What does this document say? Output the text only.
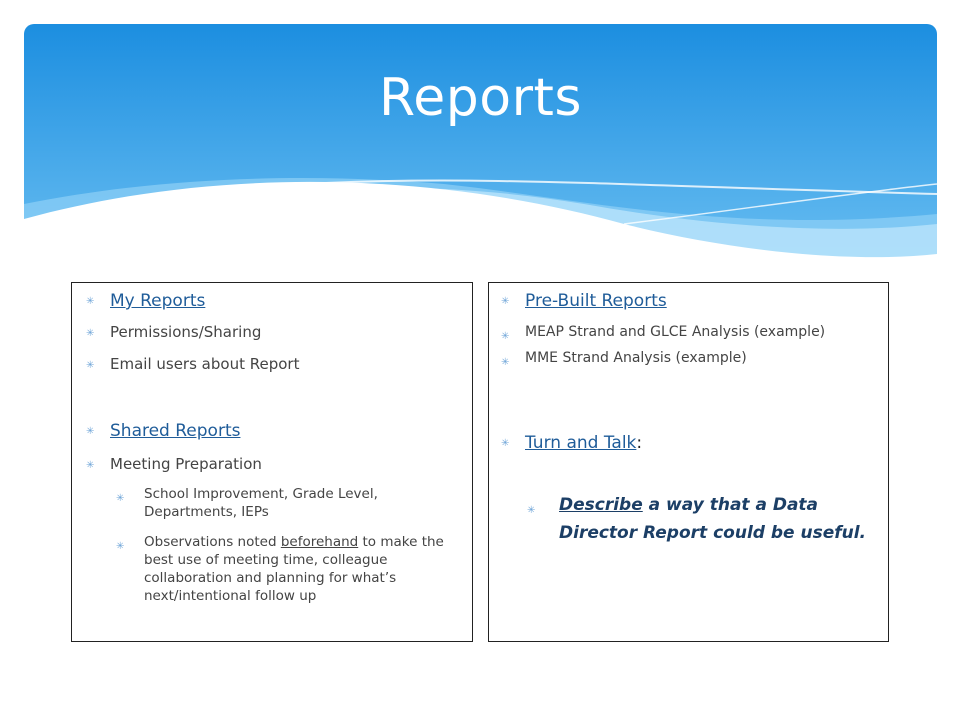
Reports
✳ My Reports
✳ Permissions/Sharing
✳ Email users about Report
✳ Shared Reports
✳ Meeting Preparation
✳ School Improvement, Grade Level, Departments, IEPs
✳ Observations noted beforehand to make the best use of meeting time, colleague collaboration and planning for what’s next/intentional follow up
✳ Pre-Built Reports
✳ MEAP Strand and GLCE Analysis (example)
✳ MME Strand Analysis (example)
✳ Turn and Talk:
✳ Describe a way that a Data Director Report could be useful.
